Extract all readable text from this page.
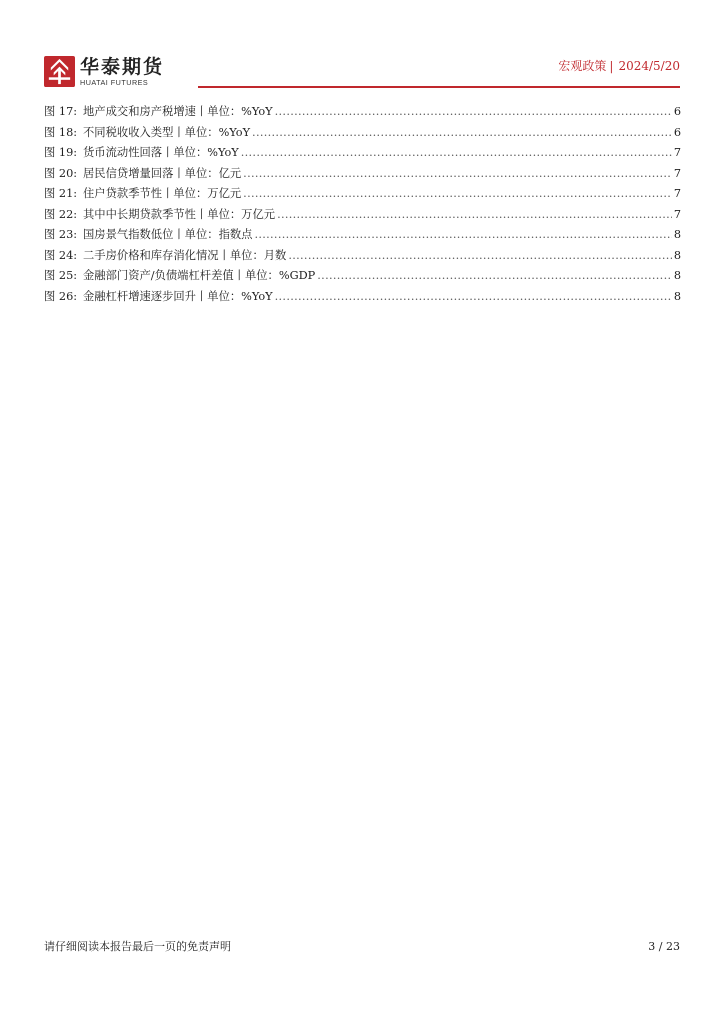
华泰期货
HUATAI FUTURES
宏观政策 | 2024/5/20
图 17: 地产成交和房产税增速丨单位：%YoY .....	6
图 18: 不同税收收入类型丨单位：%YoY .....	6
图 19: 货币流动性回落丨单位：%YoY .....	7
图 20: 居民信贷增量回落丨单位：亿元 .....	7
图 21: 住户贷款季节性丨单位：万亿元 .....	7
图 22: 其中中长期贷款季节性丨单位：万亿元 .....	7
图 23: 国房景气指数低位丨单位：指数点 .....	8
图 24: 二手房价格和库存消化情况丨单位：月数 .....	8
图 25: 金融部门资产/负债端杠杆差值丨单位：%GDP .....	8
图 26: 金融杠杆增速逐步回升丨单位：%YoY .....	8
请仔细阅读本报告最后一页的免责声明	3 / 23
